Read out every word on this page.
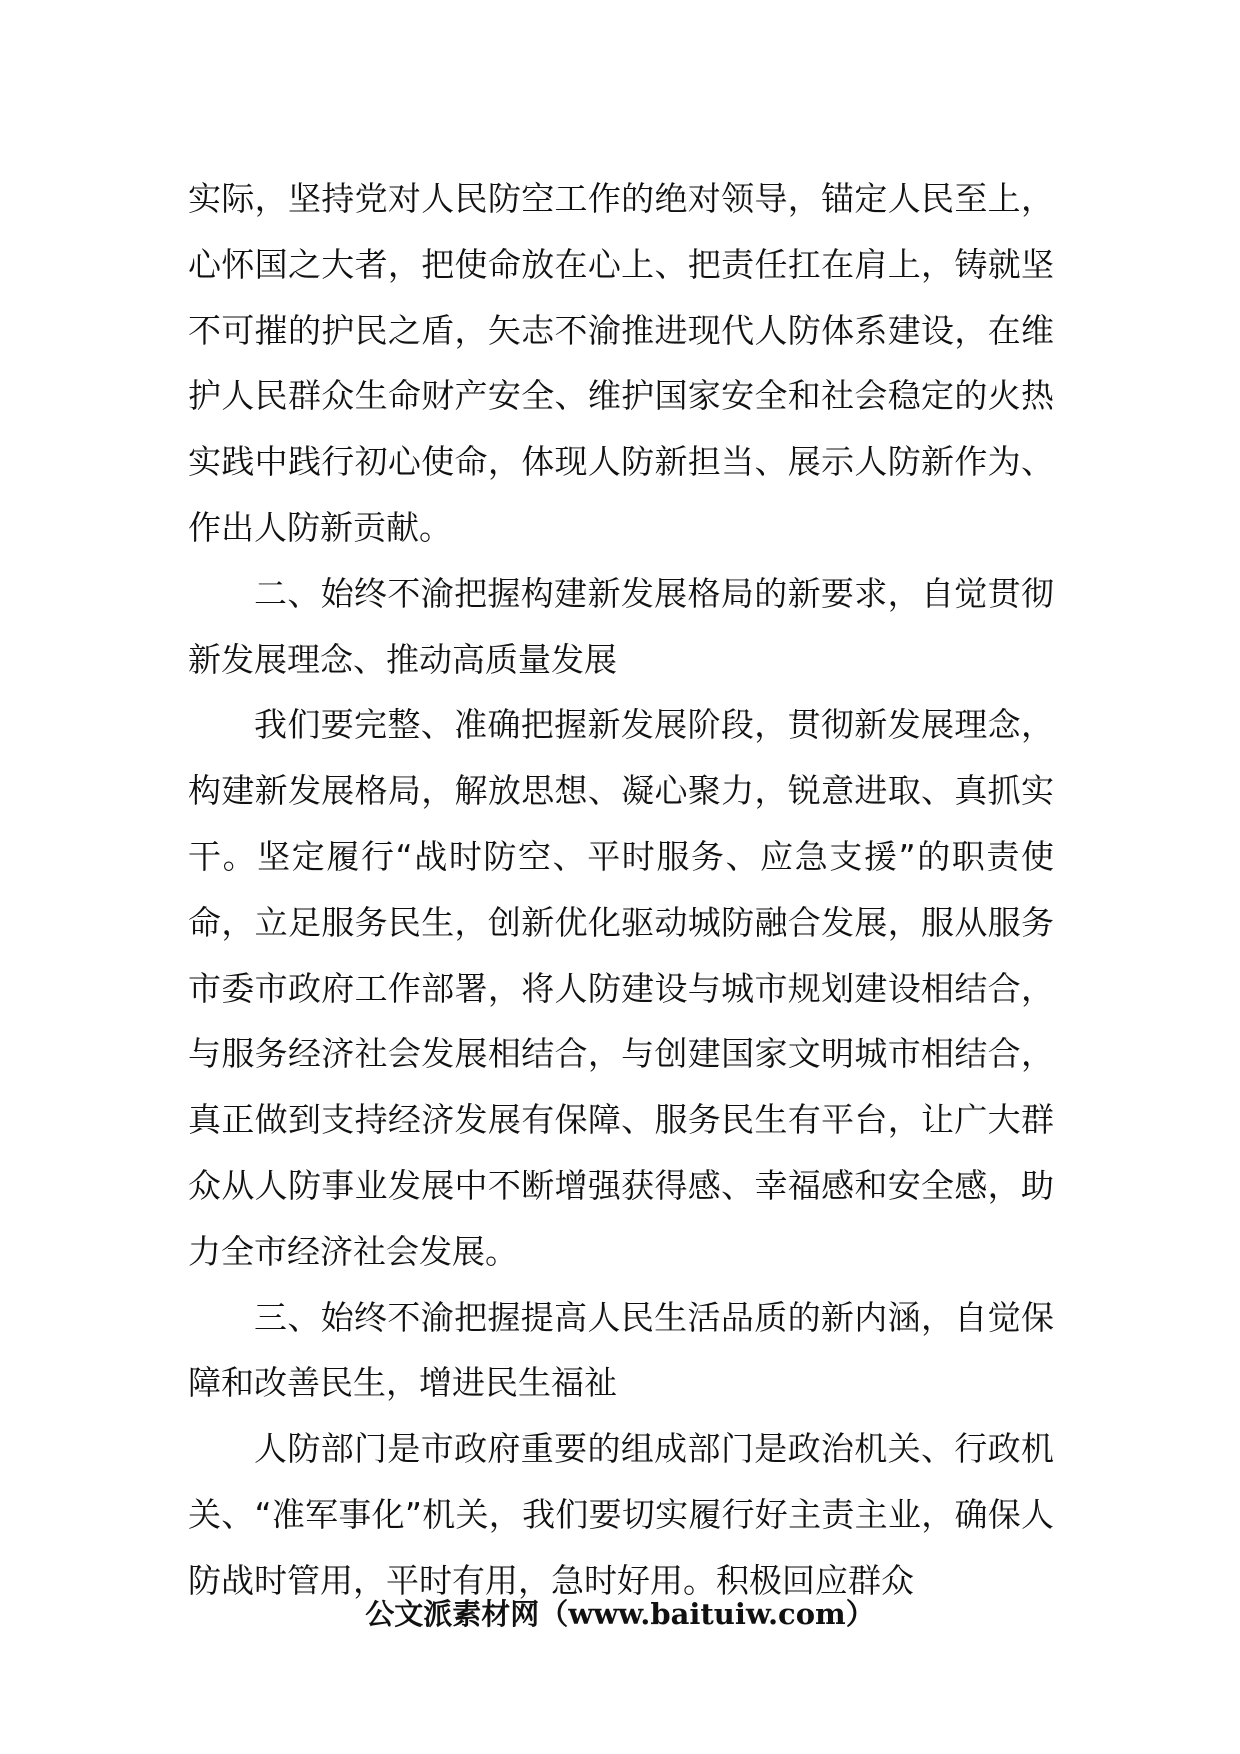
实际，坚持党对人民防空工作的绝对领导，锚定人民至上，心怀国之大者，把使命放在心上、把责任扛在肩上，铸就坚不可摧的护民之盾，矢志不渝推进现代人防体系建设，在维护人民群众生命财产安全、维护国家安全和社会稳定的火热实践中践行初心使命，体现人防新担当、展示人防新作为、作出人防新贡献。

二、始终不渝把握构建新发展格局的新要求，自觉贯彻新发展理念、推动高质量发展

我们要完整、准确把握新发展阶段，贯彻新发展理念，构建新发展格局，解放思想、凝心聚力，锐意进取、真抓实干。坚定履行“战时防空、平时服务、应急支援”的职责使命，立足服务民生，创新优化驱动城防融合发展，服从服务市委市政府工作部署，将人防建设与城市规划建设相结合，与服务经济社会发展相结合，与创建国家文明城市相结合，真正做到支持经济发展有保障、服务民生有平台，让广大群众从人防事业发展中不断增强获得感、幸福感和安全感，助力全市经济社会发展。

三、始终不渝把握提高人民生活品质的新内涵，自觉保障和改善民生，增进民生福祉

人防部门是市政府重要的组成部门是政治机关、行政机关、“准军事化”机关，我们要切实履行好主责主业，确保人防战时管用，平时有用，急时好用。积极回应群众

公文派素材网（www.baituiw.com）
